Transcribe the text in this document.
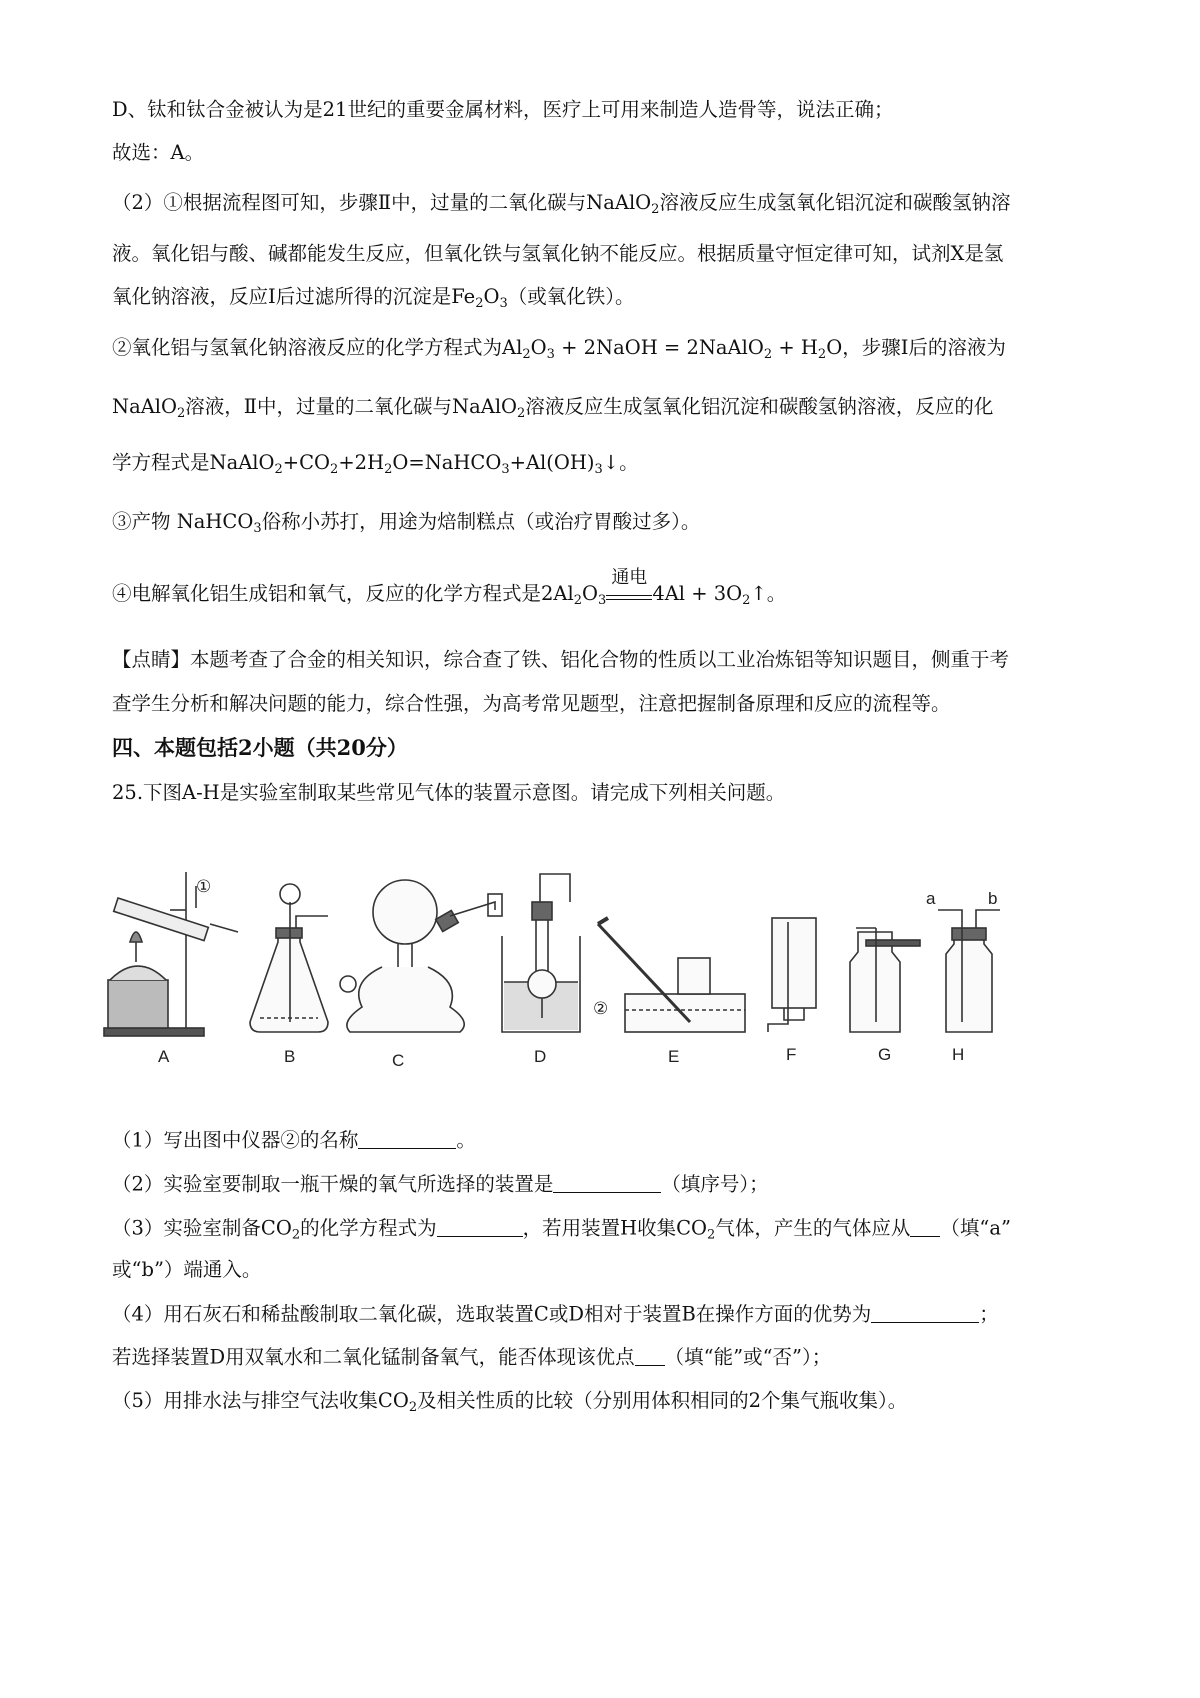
D、钛和钛合金被认为是21世纪的重要金属材料，医疗上可用来制造人造骨等，说法正确；
故选：A。
（2）①根据流程图可知，步骤Ⅱ中，过量的二氧化碳与NaAlO$_2$溶液反应生成氢氧化铝沉淀和碳酸氢钠溶
液。氧化铝与酸、碱都能发生反应，但氧化铁与氢氧化钠不能反应。根据质量守恒定律可知，试剂X是氢
氧化钠溶液，反应Ⅰ后过滤所得的沉淀是$Fe_2O_3$（或氧化铁）。
②氧化铝与氢氧化钠溶液反应的化学方程式为$Al_2O_3$ + 2NaOH = 2NaAlO$_2$ + $H_2O$，步骤Ⅰ后的溶液为
NaAlO$_2$溶液，Ⅱ中，过量的二氧化碳与NaAlO$_2$溶液反应生成氢氧化铝沉淀和碳酸氢钠溶液，反应的化
学方程式是$NaAlO_2+CO_2+2H_2O=NaHCO_3+Al(OH)_3↓$。
③产物 NaHCO$_3$俗称小苏打，用途为焙制糕点（或治疗胃酸过多）。
④电解氧化铝生成铝和氧气，反应的化学方程式是$2Al_2O_3$
通电
$4Al + 3O_2↑$。
【点睛】本题考查了合金的相关知识，综合查了铁、铝化合物的性质以工业冶炼铝等知识题目，侧重于考
查学生分析和解决问题的能力，综合性强，为高考常见题型，注意把握制备原理和反应的流程等。
四、本题包括2小题（共20分）
25.下图A-H是实验室制取某些常见气体的装置示意图。请完成下列相关问题。
A	B	C	D	E	F	G	H
①
②
a	b
（1）写出图中仪器②的名称	。
（2）实验室要制取一瓶干燥的氧气所选择的装置是	（填序号）；
（3）实验室制备$CO_2$的化学方程式为	，若用装置H收集$CO_2$气体，产生的气体应从 （填“a”
或“b”）端通入。
（4）用石灰石和稀盐酸制取二氧化碳，选取装置C或D相对于装置B在操作方面的优势为	；
若选择装置D用双氧水和二氧化锰制备氧气，能否体现该优点 （填“能”或“否”）；
（5）用排水法与排空气法收集$CO_2$及相关性质的比较（分别用体积相同的2个集气瓶收集）。
